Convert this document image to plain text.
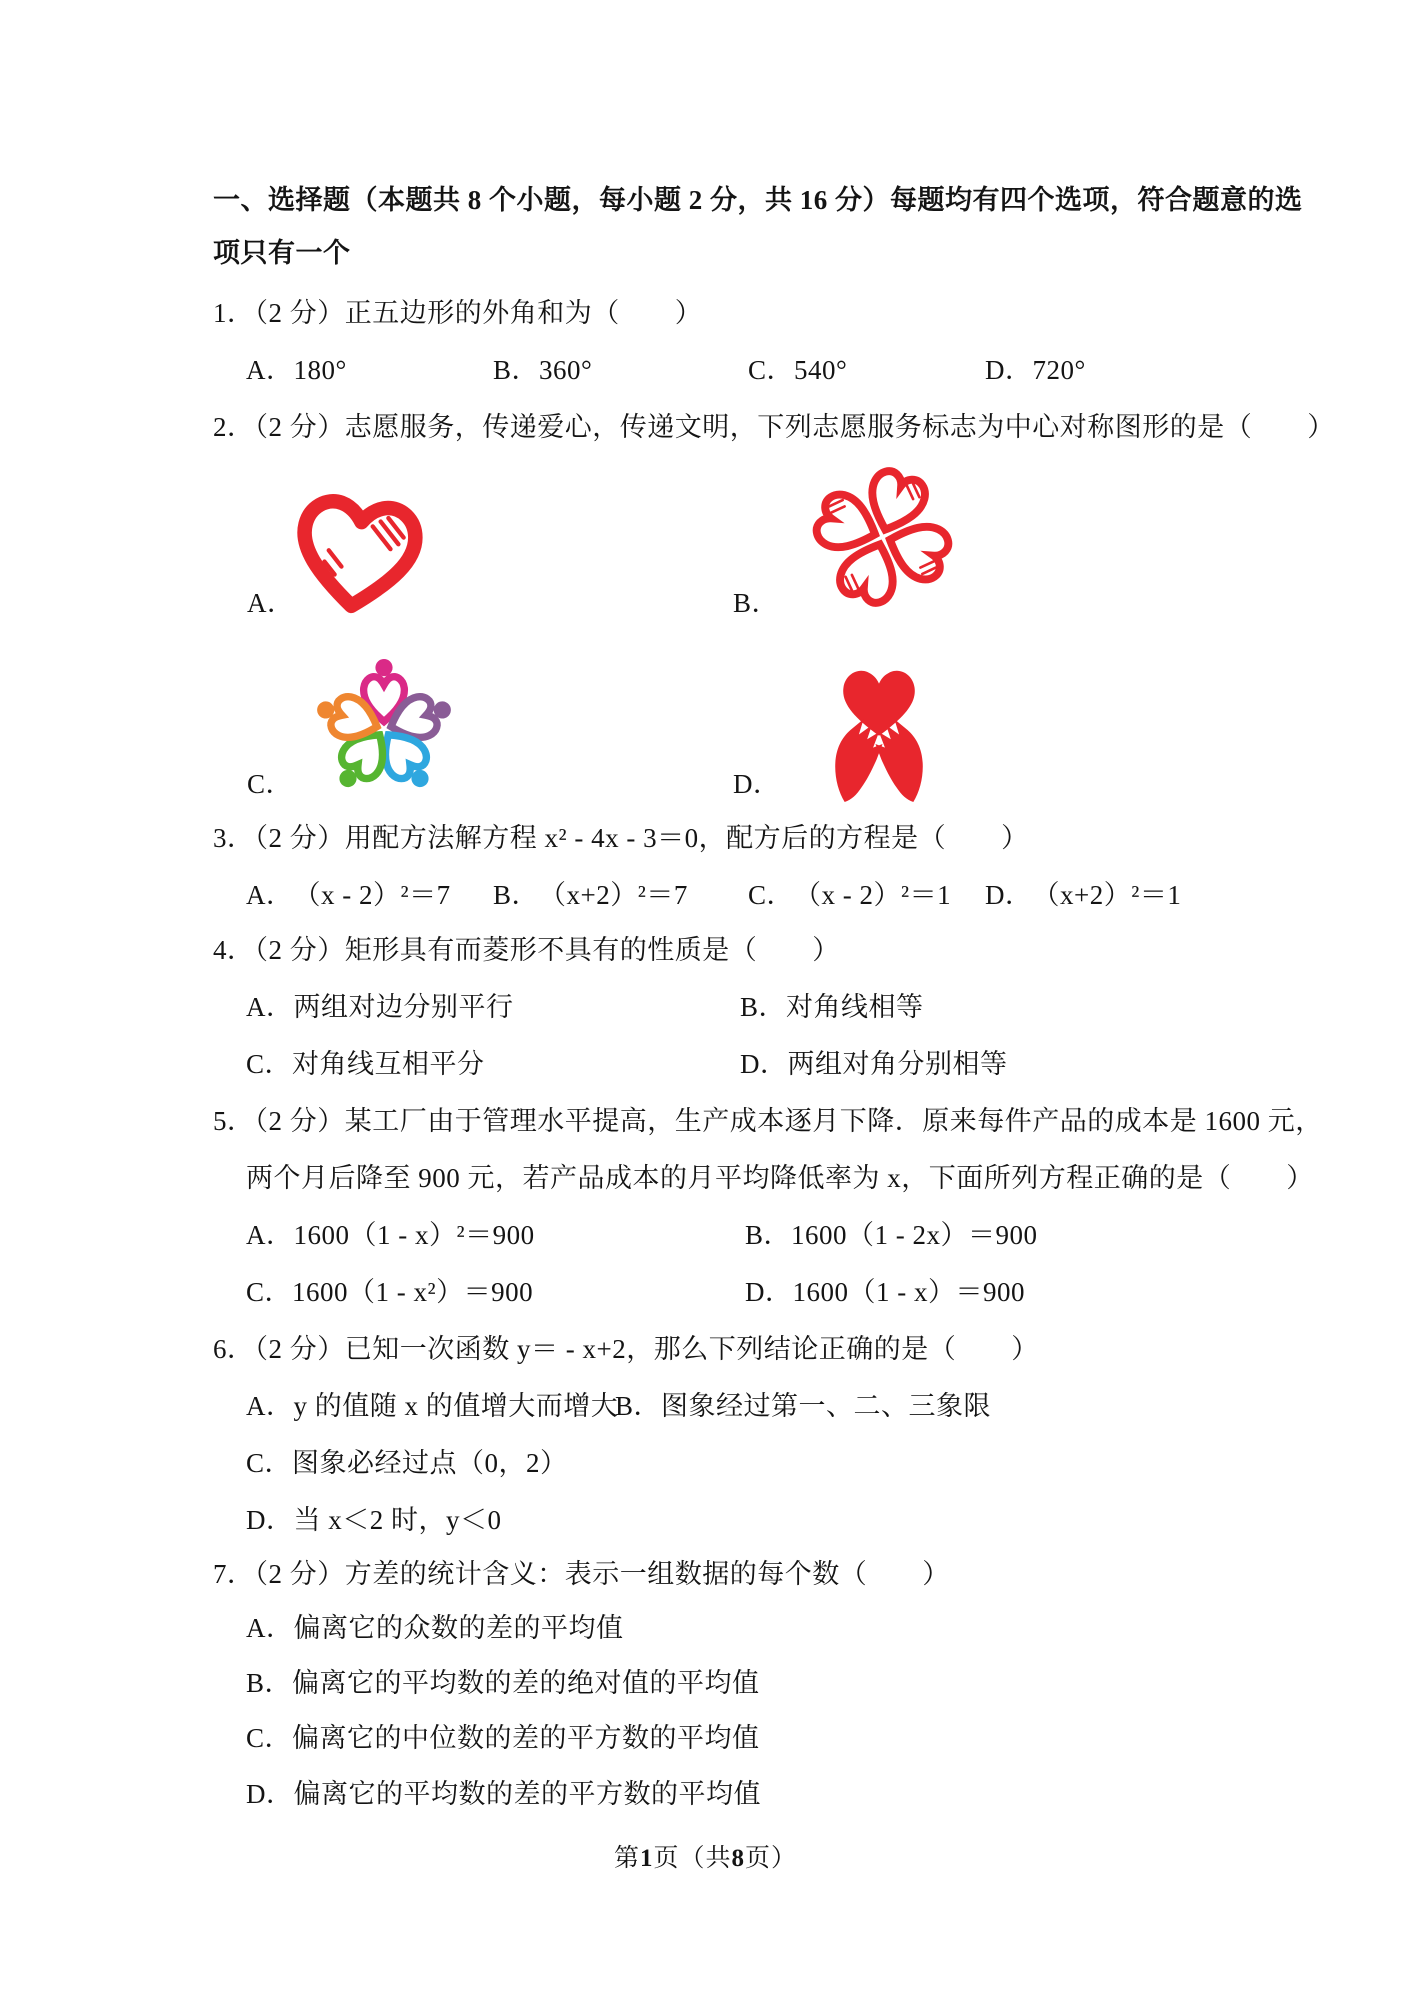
一、选择题（本题共 8 个小题，每小题 2 分，共 16 分）每题均有四个选项，符合题意的选
项只有一个
1．（2 分）正五边形的外角和为（　　）
A．180°	B．360°	C．540°	D．720°
2．（2 分）志愿服务，传递爱心，传递文明，下列志愿服务标志为中心对称图形的是（　　）
A．	B．
C．	D．
3．（2 分）用配方法解方程 x² - 4x - 3＝0，配方后的方程是（　　）
A．（x - 2）²＝7 B．（x+2）²＝7 C．（x - 2）²＝1 D．（x+2）²＝1
4．（2 分）矩形具有而菱形不具有的性质是（　　）
A．两组对边分别平行	B．对角线相等
C．对角线互相平分	D．两组对角分别相等
5．（2 分）某工厂由于管理水平提高，生产成本逐月下降．原来每件产品的成本是 1600 元，
两个月后降至 900 元，若产品成本的月平均降低率为 x，下面所列方程正确的是（　　）
A．1600（1 - x）²＝900	B．1600（1 - 2x）＝900
C．1600（1 - x²）＝900	D．1600（1 - x）＝900
6．（2 分）已知一次函数 y＝ - x+2，那么下列结论正确的是（　　）
A．y 的值随 x 的值增大而增大
B．图象经过第一、二、三象限
C．图象必经过点（0，2）
D．当 x＜2 时，y＜0
7．（2 分）方差的统计含义：表示一组数据的每个数（　　）
A．偏离它的众数的差的平均值
B．偏离它的平均数的差的绝对值的平均值
C．偏离它的中位数的差的平方数的平均值
D．偏离它的平均数的差的平方数的平均值
第1页（共8页）
